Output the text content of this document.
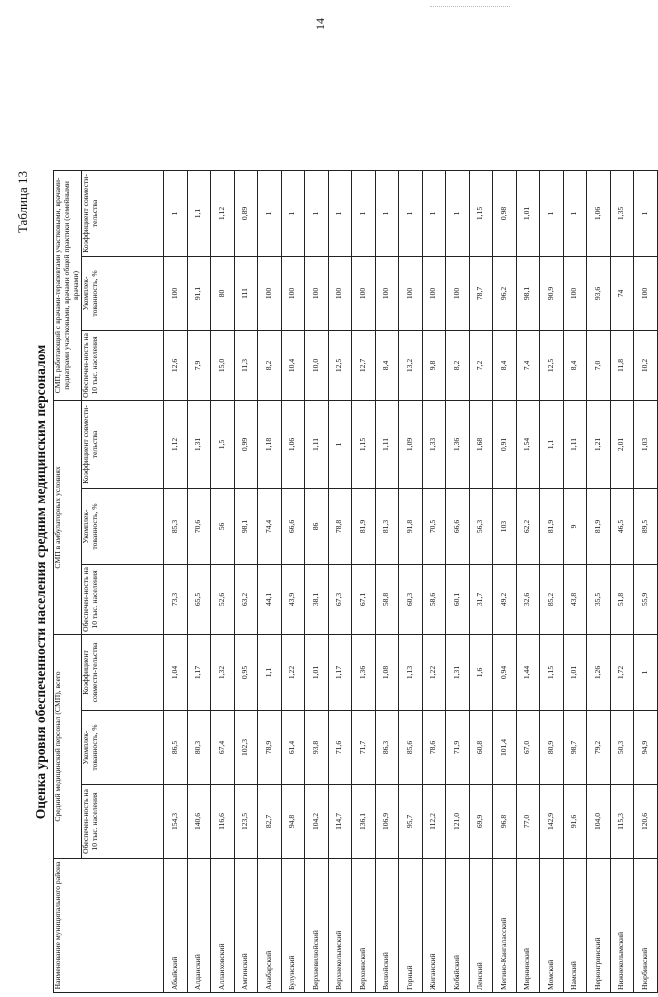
14
Таблица 13
Оценка уровня обеспеченности населения средним медицинским персоналом
Наименование муниципального района	Средний медицинский персонал (СМП), всего			СМП в амбулаторных условиях			СМП, работающий с врачами-терапевтами участковыми, врачами-педиатрами участковыми, врачами общей практики (семейными врачами)		
	Обеспечен-ность на 10 тыс. населения	Укомплек-тованность, %	Коэффициент совмести-тельства	Обеспечен-ность на 10 тыс. населения	Укомплек-тованность, %	Коэффициент совмести-тельства	Обеспечен-ность на 10 тыс. населения	Укомплек-тованность, %	Коэффициент совмести-тельства
Абыйский	154,3	86,5	1,04	73,3	85,3	1,12	12,6	100	1
Алданский	140,6	80,3	1,17	65,5	70,6	1,31	7,9	91,1	1,1
Аллаиховский	116,6	67,4	1,32	52,6	56	1,5	15,0	80	1,12
Амгинский	123,5	102,3	0,95	63,2	98,1	0,99	11,3	111	0,89
Анабарский	82,7	78,9	1,1	44,1	74,4	1,18	8,2	100	1
Булунский	94,8	61,4	1,22	43,9	66,6	1,06	10,4	100	1
Верхневилюйский	104,2	93,8	1,01	38,1	86	1,11	10,0	100	1
Верхнеколымский	114,7	71,6	1,17	67,3	78,8	1	12,5	100	1
Верхоянский	136,1	71,7	1,36	67,1	81,9	1,15	12,7	100	1
Вилюйский	106,9	86,3	1,08	58,8	81,3	1,11	8,4	100	1
Горный	95,7	85,6	1,13	60,3	91,8	1,09	13,2	100	1
Жиганский	112,2	78,6	1,22	58,6	70,5	1,33	9,8	100	1
Кобяйский	121,0	71,9	1,31	60,1	66,6	1,36	8,2	100	1
Ленский	69,9	60,8	1,6	31,7	56,3	1,68	7,2	78,7	1,15
Мегино-Кангаласский	96,8	101,4	0,94	49,2	103	0,91	8,4	96,2	0,98
Мирнинский	77,0	67,0	1,44	32,6	62,2	1,54	7,4	98,1	1,01
Момский	142,9	80,9	1,15	85,2	81,9	1,1	12,5	90,9	1
Намский	91,6	98,7	1,01	43,8	9	1,11	8,4	100	1
Нерюнгринский	104,0	79,2	1,26	35,5	81,9	1,21	7,0	93,6	1,06
Нижнеколымский	115,3	50,3	1,72	51,8	46,5	2,01	11,8	74	1,35
Нюрбинский	120,6	94,9	1	55,9	89,5	1,03	10,2	100	1
